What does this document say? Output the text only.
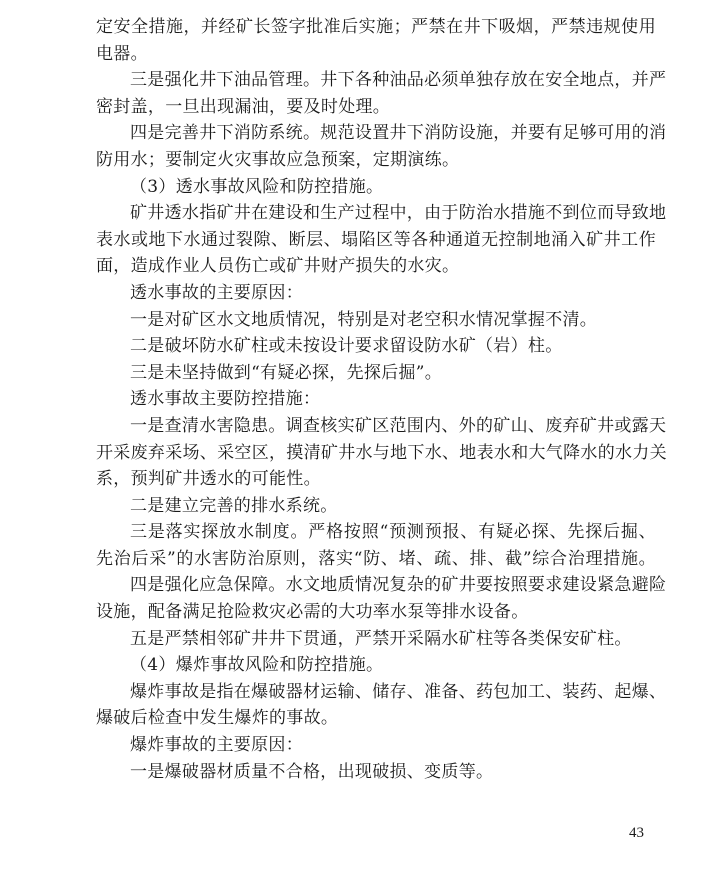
定安全措施，并经矿长签字批准后实施；严禁在井下吸烟，严禁违规使用
电器。
三是强化井下油品管理。井下各种油品必须单独存放在安全地点，并严
密封盖，一旦出现漏油，要及时处理。
四是完善井下消防系统。规范设置井下消防设施，并要有足够可用的消
防用水；要制定火灾事故应急预案，定期演练。
（3）透水事故风险和防控措施。
矿井透水指矿井在建设和生产过程中，由于防治水措施不到位而导致地
表水或地下水通过裂隙、断层、塌陷区等各种通道无控制地涌入矿井工作
面，造成作业人员伤亡或矿井财产损失的水灾。
透水事故的主要原因：
一是对矿区水文地质情况，特别是对老空积水情况掌握不清。
二是破坏防水矿柱或未按设计要求留设防水矿（岩）柱。
三是未坚持做到“有疑必探，先探后掘”。
透水事故主要防控措施：
一是查清水害隐患。调查核实矿区范围内、外的矿山、废弃矿井或露天
开采废弃采场、采空区，摸清矿井水与地下水、地表水和大气降水的水力关
系，预判矿井透水的可能性。
二是建立完善的排水系统。
三是落实探放水制度。严格按照“预测预报、有疑必探、先探后掘、
先治后采”的水害防治原则，落实“防、堵、疏、排、截”综合治理措施。
四是强化应急保障。水文地质情况复杂的矿井要按照要求建设紧急避险
设施，配备满足抢险救灾必需的大功率水泵等排水设备。
五是严禁相邻矿井井下贯通，严禁开采隔水矿柱等各类保安矿柱。
（4）爆炸事故风险和防控措施。
爆炸事故是指在爆破器材运输、储存、准备、药包加工、装药、起爆、
爆破后检查中发生爆炸的事故。
爆炸事故的主要原因：
一是爆破器材质量不合格，出现破损、变质等。
43
